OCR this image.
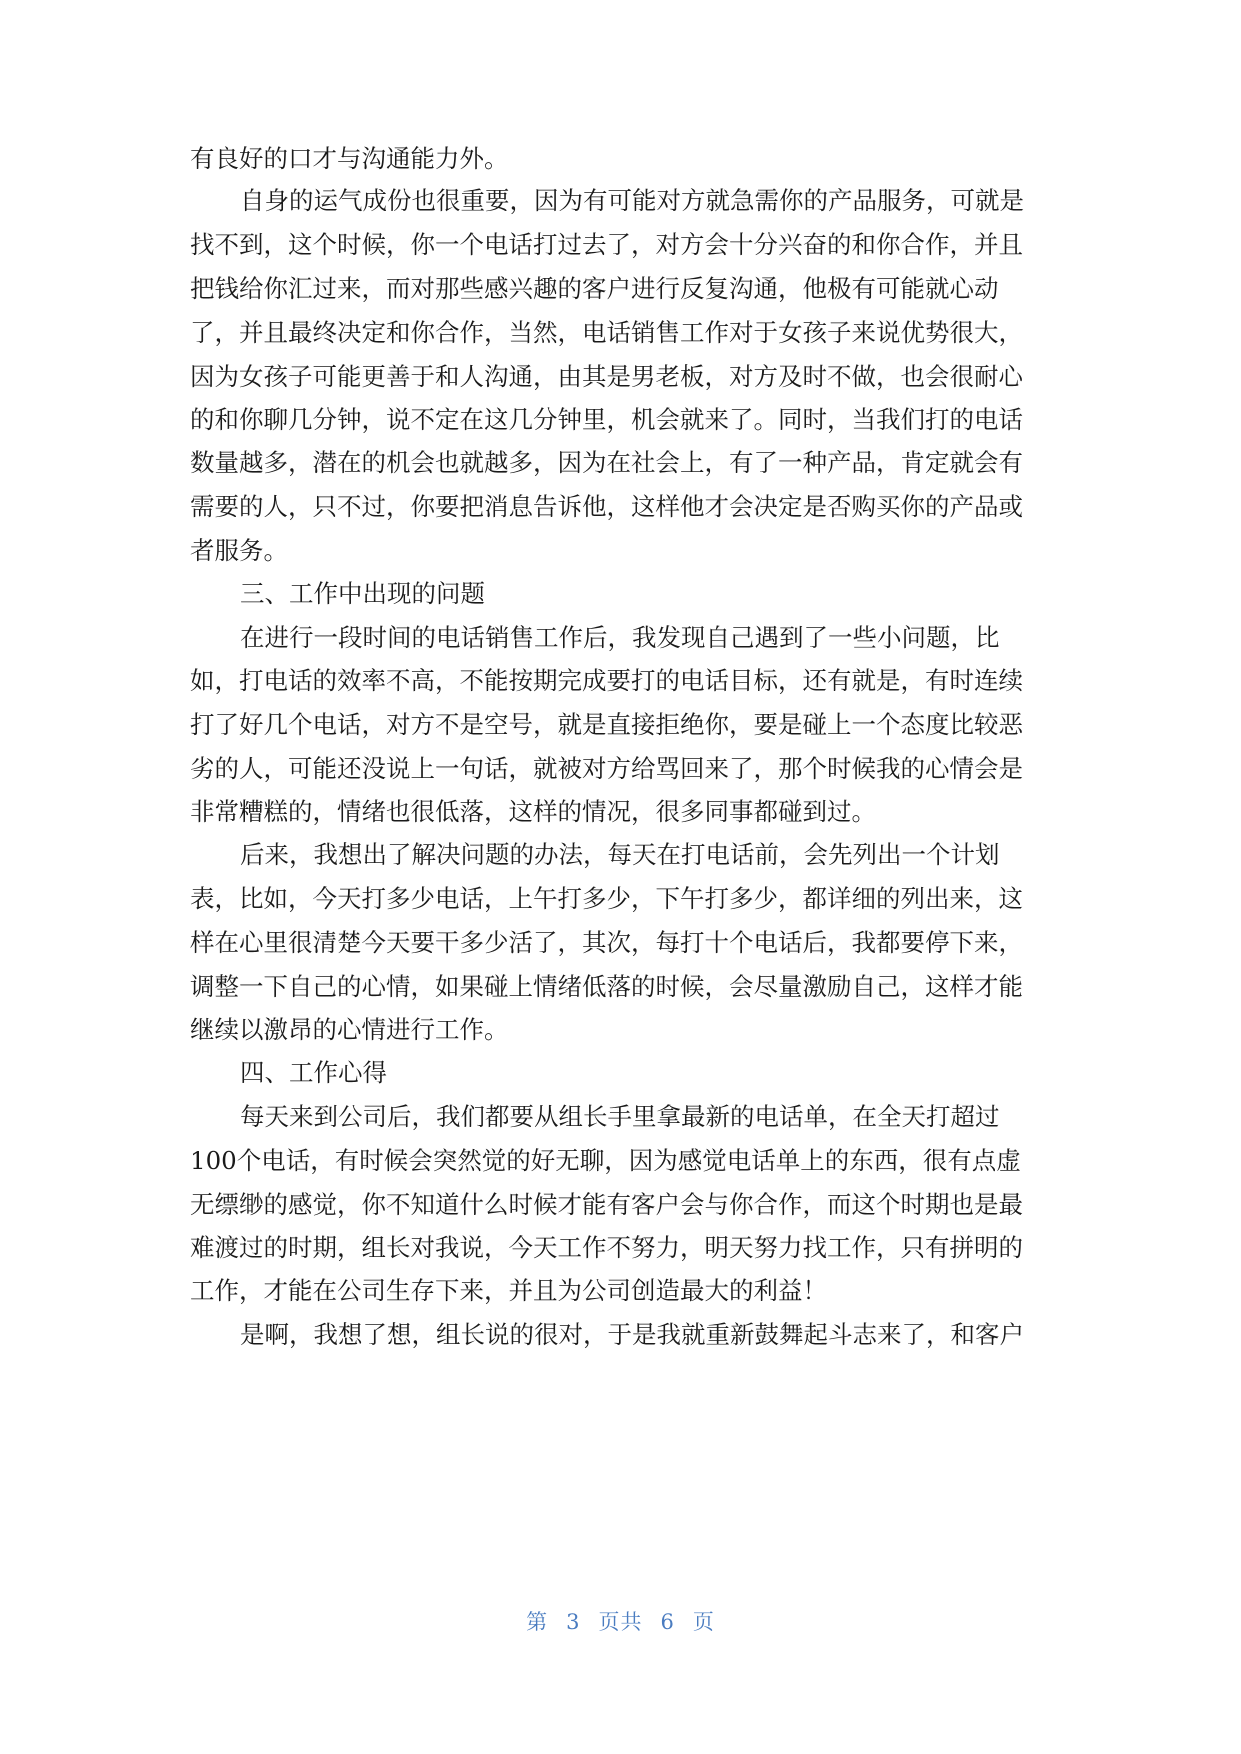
有良好的口才与沟通能力外。
自身的运气成份也很重要，因为有可能对方就急需你的产品服务，可就是
找不到，这个时候，你一个电话打过去了，对方会十分兴奋的和你合作，并且
把钱给你汇过来，而对那些感兴趣的客户进行反复沟通，他极有可能就心动
了，并且最终决定和你合作，当然，电话销售工作对于女孩子来说优势很大，
因为女孩子可能更善于和人沟通，由其是男老板，对方及时不做，也会很耐心
的和你聊几分钟，说不定在这几分钟里，机会就来了。同时，当我们打的电话
数量越多，潜在的机会也就越多，因为在社会上，有了一种产品，肯定就会有
需要的人，只不过，你要把消息告诉他，这样他才会决定是否购买你的产品或
者服务。
三、工作中出现的问题
在进行一段时间的电话销售工作后，我发现自己遇到了一些小问题，比
如，打电话的效率不高，不能按期完成要打的电话目标，还有就是，有时连续
打了好几个电话，对方不是空号，就是直接拒绝你，要是碰上一个态度比较恶
劣的人，可能还没说上一句话，就被对方给骂回来了，那个时候我的心情会是
非常糟糕的，情绪也很低落，这样的情况，很多同事都碰到过。
后来，我想出了解决问题的办法，每天在打电话前，会先列出一个计划
表，比如，今天打多少电话，上午打多少，下午打多少，都详细的列出来，这
样在心里很清楚今天要干多少活了，其次，每打十个电话后，我都要停下来，
调整一下自己的心情，如果碰上情绪低落的时候，会尽量激励自己，这样才能
继续以激昂的心情进行工作。
四、工作心得
每天来到公司后，我们都要从组长手里拿最新的电话单，在全天打超过
100个电话，有时候会突然觉的好无聊，因为感觉电话单上的东西，很有点虚
无缥缈的感觉，你不知道什么时候才能有客户会与你合作，而这个时期也是最
难渡过的时期，组长对我说，今天工作不努力，明天努力找工作，只有拼明的
工作，才能在公司生存下来，并且为公司创造最大的利益！
是啊，我想了想，组长说的很对，于是我就重新鼓舞起斗志来了，和客户
第 3 页共 6 页
